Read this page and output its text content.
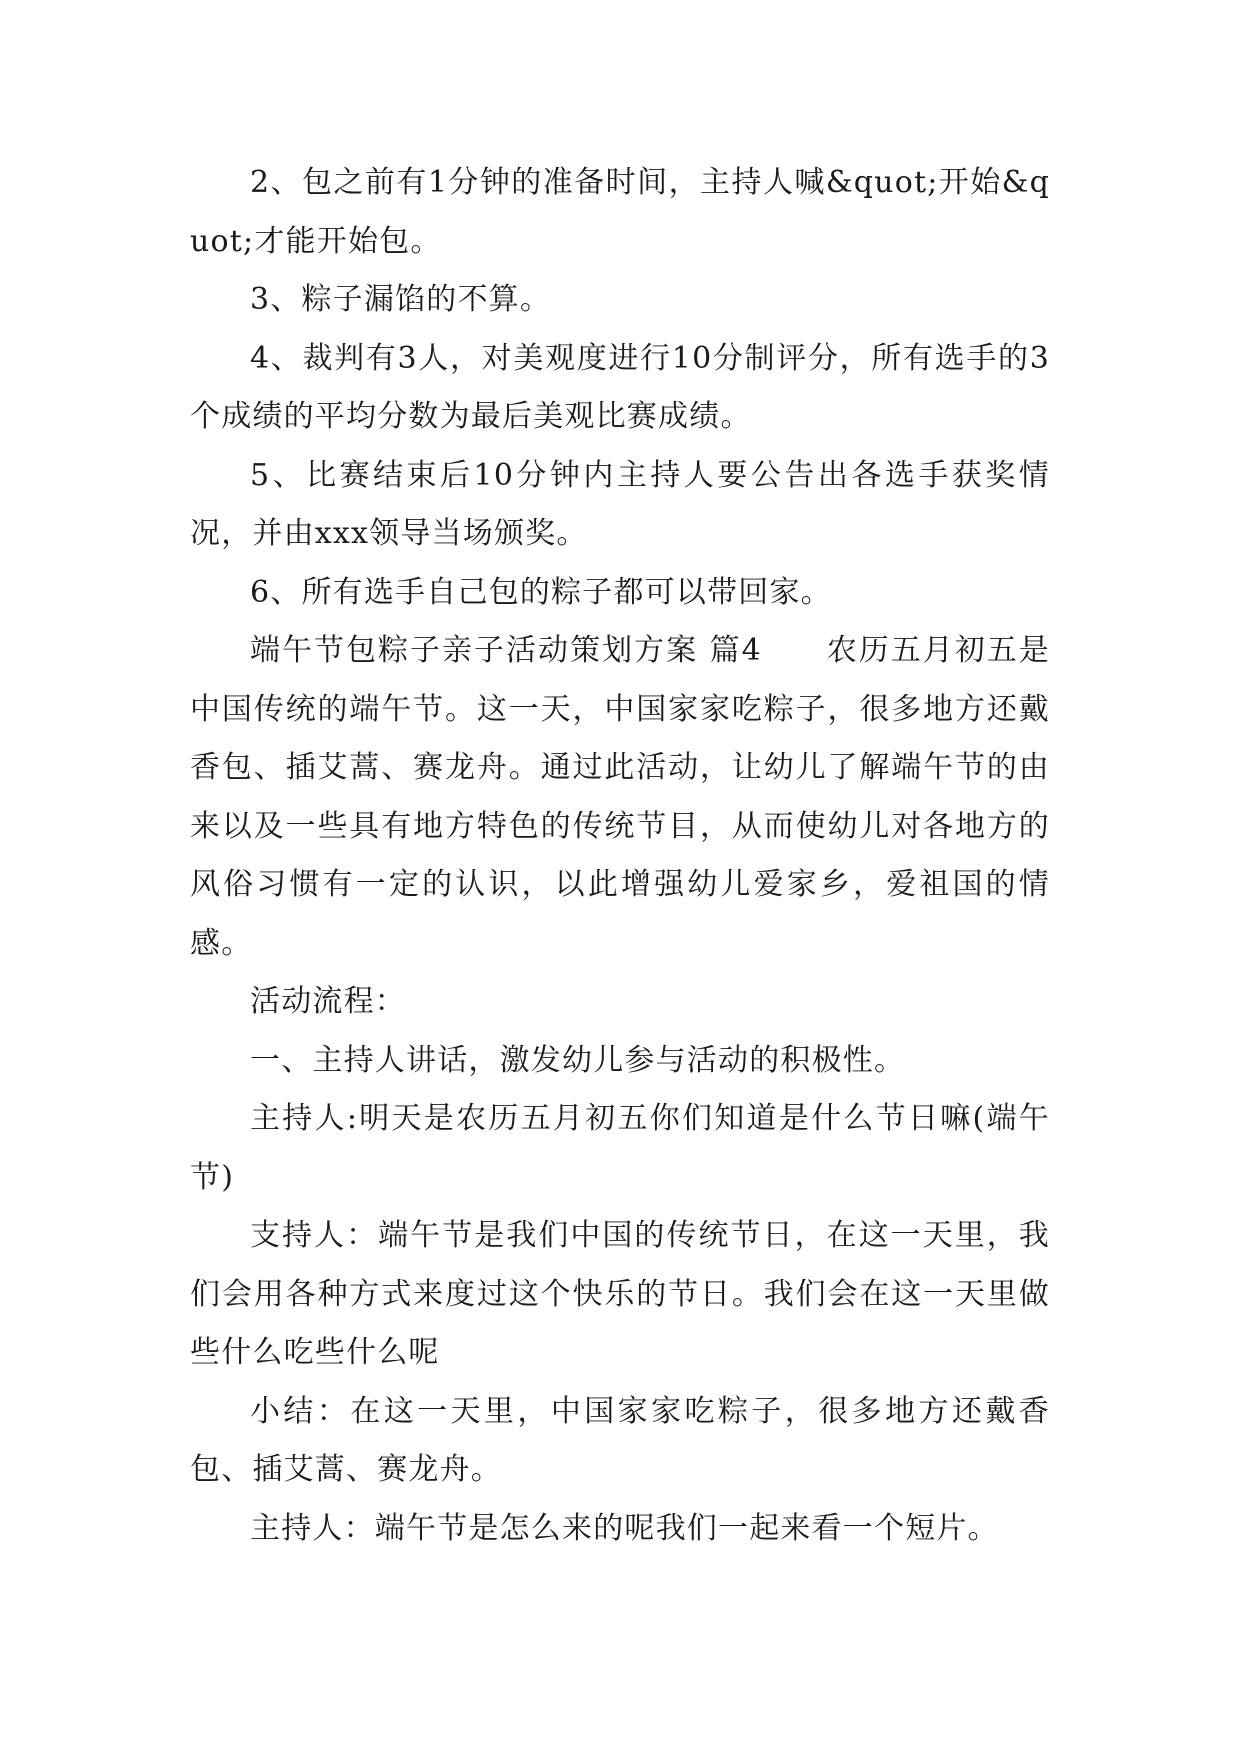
2、包之前有1分钟的准备时间，主持人喊&quot;开始&quot;才能开始包。

3、粽子漏馅的不算。

4、裁判有3人，对美观度进行10分制评分，所有选手的3个成绩的平均分数为最后美观比赛成绩。

5、比赛结束后10分钟内主持人要公告出各选手获奖情况，并由xxx领导当场颁奖。

6、所有选手自己包的粽子都可以带回家。

端午节包粽子亲子活动策划方案 篇4　　农历五月初五是中国传统的端午节。这一天，中国家家吃粽子，很多地方还戴香包、插艾蒿、赛龙舟。通过此活动，让幼儿了解端午节的由来以及一些具有地方特色的传统节目，从而使幼儿对各地方的风俗习惯有一定的认识，以此增强幼儿爱家乡，爱祖国的情感。

活动流程：

一、主持人讲话，激发幼儿参与活动的积极性。

主持人:明天是农历五月初五你们知道是什么节日嘛(端午节)

支持人：端午节是我们中国的传统节日，在这一天里，我们会用各种方式来度过这个快乐的节日。我们会在这一天里做些什么吃些什么呢

小结：在这一天里，中国家家吃粽子，很多地方还戴香包、插艾蒿、赛龙舟。

主持人：端午节是怎么来的呢我们一起来看一个短片。
